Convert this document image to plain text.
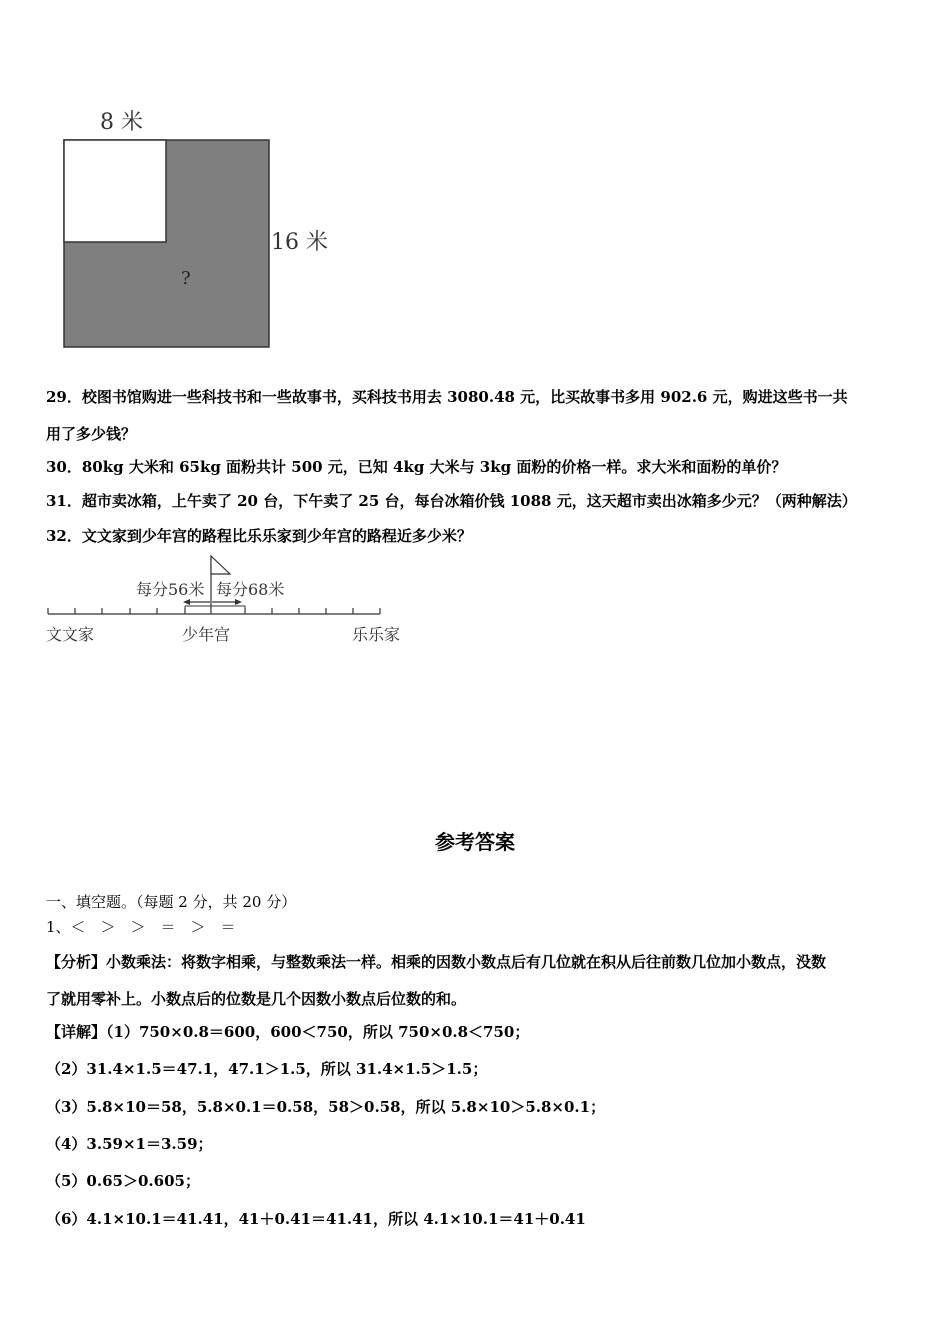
8 米
16 米
?
29．校图书馆购进一些科技书和一些故事书，买科技书用去 3080.48 元，比买故事书多用 902.6 元，购进这些书一共
用了多少钱？
30．80kg 大米和 65kg 面粉共计 500 元，已知 4kg 大米与 3kg 面粉的价格一样。求大米和面粉的单价？
31．超市卖冰箱，上午卖了 20 台，下午卖了 25 台，每台冰箱价钱 1088 元，这天超市卖出冰箱多少元？（两种解法）
32．文文家到少年宫的路程比乐乐家到少年宫的路程近多少米？
每分56米 每分68米
文文家	少年宫	乐乐家
参考答案
一、填空题。（每题 2 分，共 20 分）
1、＜　＞　＞　＝　＞　＝
【分析】小数乘法：将数字相乘，与整数乘法一样。相乘的因数小数点后有几位就在积从后往前数几位加小数点，没数
了就用零补上。小数点后的位数是几个因数小数点后位数的和。
【详解】（1）750×0.8＝600，600＜750，所以 750×0.8＜750；
（2）31.4×1.5＝47.1，47.1＞1.5，所以 31.4×1.5＞1.5；
（3）5.8×10＝58，5.8×0.1＝0.58，58＞0.58，所以 5.8×10＞5.8×0.1；
（4）3.59×1＝3.59；
（5）0.65＞0.605；
（6）4.1×10.1＝41.41，41＋0.41＝41.41，所以 4.1×10.1＝41＋0.41
